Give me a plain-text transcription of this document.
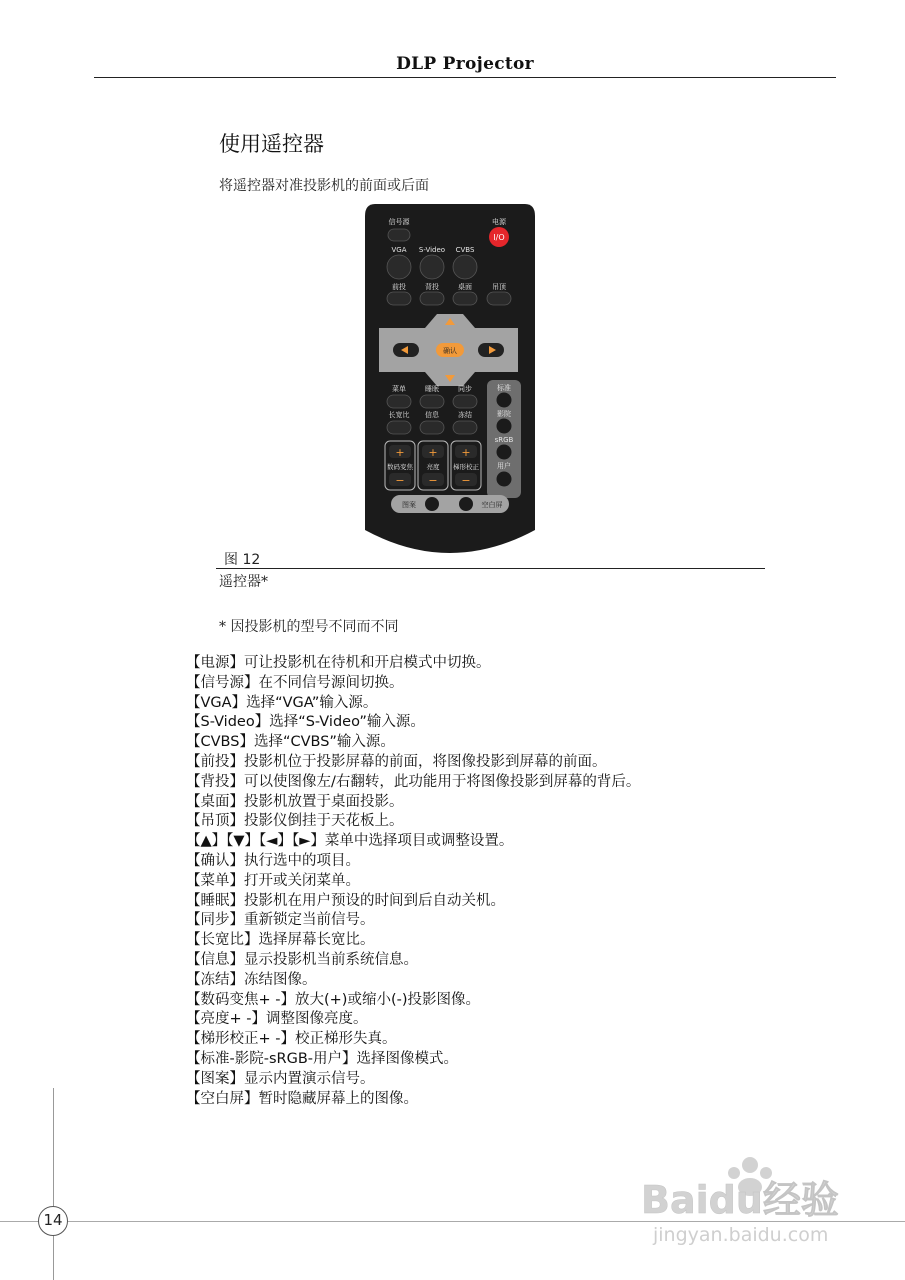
DLP Projector
使用遥控器
将遥控器对准投影机的前面或后面
信号源	电源
I/O
VGA S-Video CVBS
前投	背投	桌面	吊顶
确认
标准
影院
sRGB
用户
菜单	睡眠	同步
长宽比 信息	冻结
+ + +
数码变焦 亮度 梯形校正
− − −
图案	空白屏
图 12
遥控器*
* 因投影机的型号不同而不同
【电源】可让投影机在待机和开启模式中切换。
【信号源】在不同信号源间切换。
【VGA】选择“VGA”输入源。
【S-Video】选择“S-Video”输入源。
【CVBS】选择“CVBS”输入源。
【前投】投影机位于投影屏幕的前面，将图像投影到屏幕的前面。
【背投】可以使图像左/右翻转，此功能用于将图像投影到屏幕的背后。
【桌面】投影机放置于桌面投影。
【吊顶】投影仪倒挂于天花板上。
【▲】【▼】【◄】【►】菜单中选择项目或调整设置。
【确认】执行选中的项目。
【菜单】打开或关闭菜单。
【睡眠】投影机在用户预设的时间到后自动关机。
【同步】重新锁定当前信号。
【长宽比】选择屏幕长宽比。
【信息】显示投影机当前系统信息。
【冻结】冻结图像。
【数码变焦+ -】放大(+)或缩小(-)投影图像。
【亮度+ -】调整图像亮度。
【梯形校正+ -】校正梯形失真。
【标准-影院-sRGB-用户】选择图像模式。
【图案】显示内置演示信号。
【空白屏】暂时隐藏屏幕上的图像。
14	Baidu经验
jingyan.baidu.com
